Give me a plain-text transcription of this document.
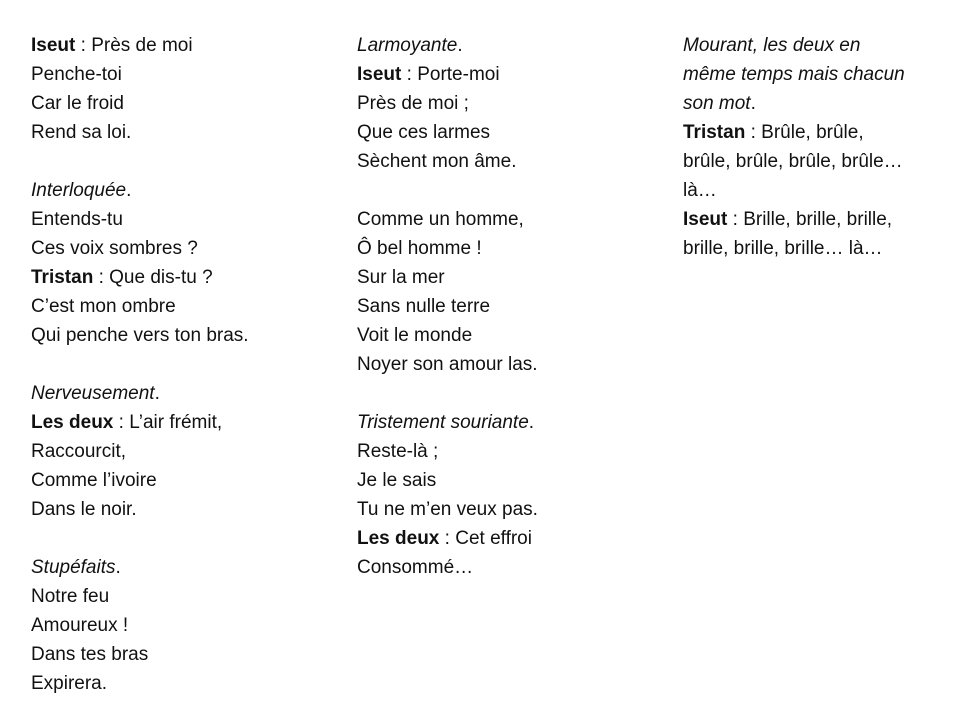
Iseut : Près de moi
Penche-toi
Car le froid
Rend sa loi.
Interloquée.
Entends-tu
Ces voix sombres ?
Tristan : Que dis-tu ?
C’est mon ombre
Qui penche vers ton bras.
Nerveusement.
Les deux : L’air frémit,
Raccourcit,
Comme l’ivoire
Dans le noir.
Stupéfaits.
Notre feu
Amoureux !
Dans tes bras
Expirera.
Larmoyante.
Iseut : Porte-moi
Près de moi ;
Que ces larmes
Sèchent mon âme.
Comme un homme,
Ô bel homme !
Sur la mer
Sans nulle terre
Voit le monde
Noyer son amour las.
Tristement souriante.
Reste-là ;
Je le sais
Tu ne m’en veux pas.
Les deux : Cet effroi
Consommé…
Mourant, les deux en
même temps mais chacun
son mot.
Tristan : Brûle, brûle,
brûle, brûle, brûle, brûle…
là…
Iseut : Brille, brille, brille,
brille, brille, brille… là…
